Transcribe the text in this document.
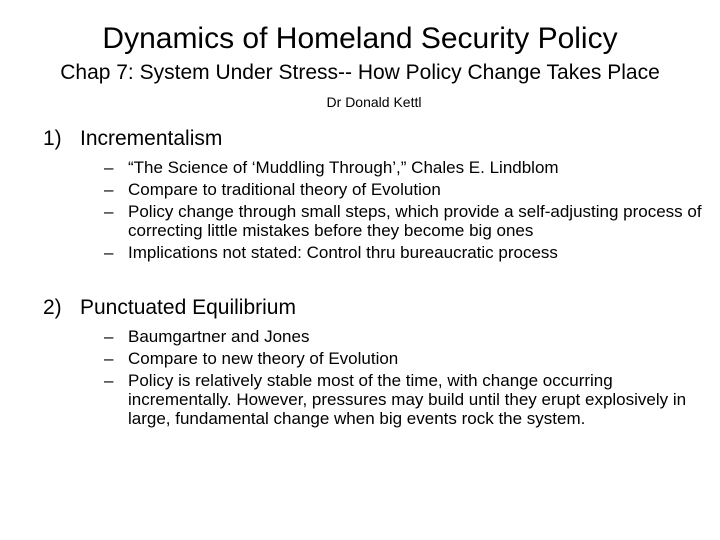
Dynamics of Homeland Security Policy
Chap 7: System Under Stress-- How Policy Change Takes Place
Dr Donald Kettl
1) Incrementalism
– “The Science of ‘Muddling Through’,” Chales E. Lindblom
– Compare to traditional theory of Evolution
– Policy change through small steps, which provide a self-adjusting process of correcting little mistakes before they become big ones
– Implications not stated: Control thru bureaucratic process
2) Punctuated Equilibrium
– Baumgartner and Jones
– Compare to new theory of Evolution
– Policy is relatively stable most of the time, with change occurring incrementally. However, pressures may build until they erupt explosively in large, fundamental change when big events rock the system.
